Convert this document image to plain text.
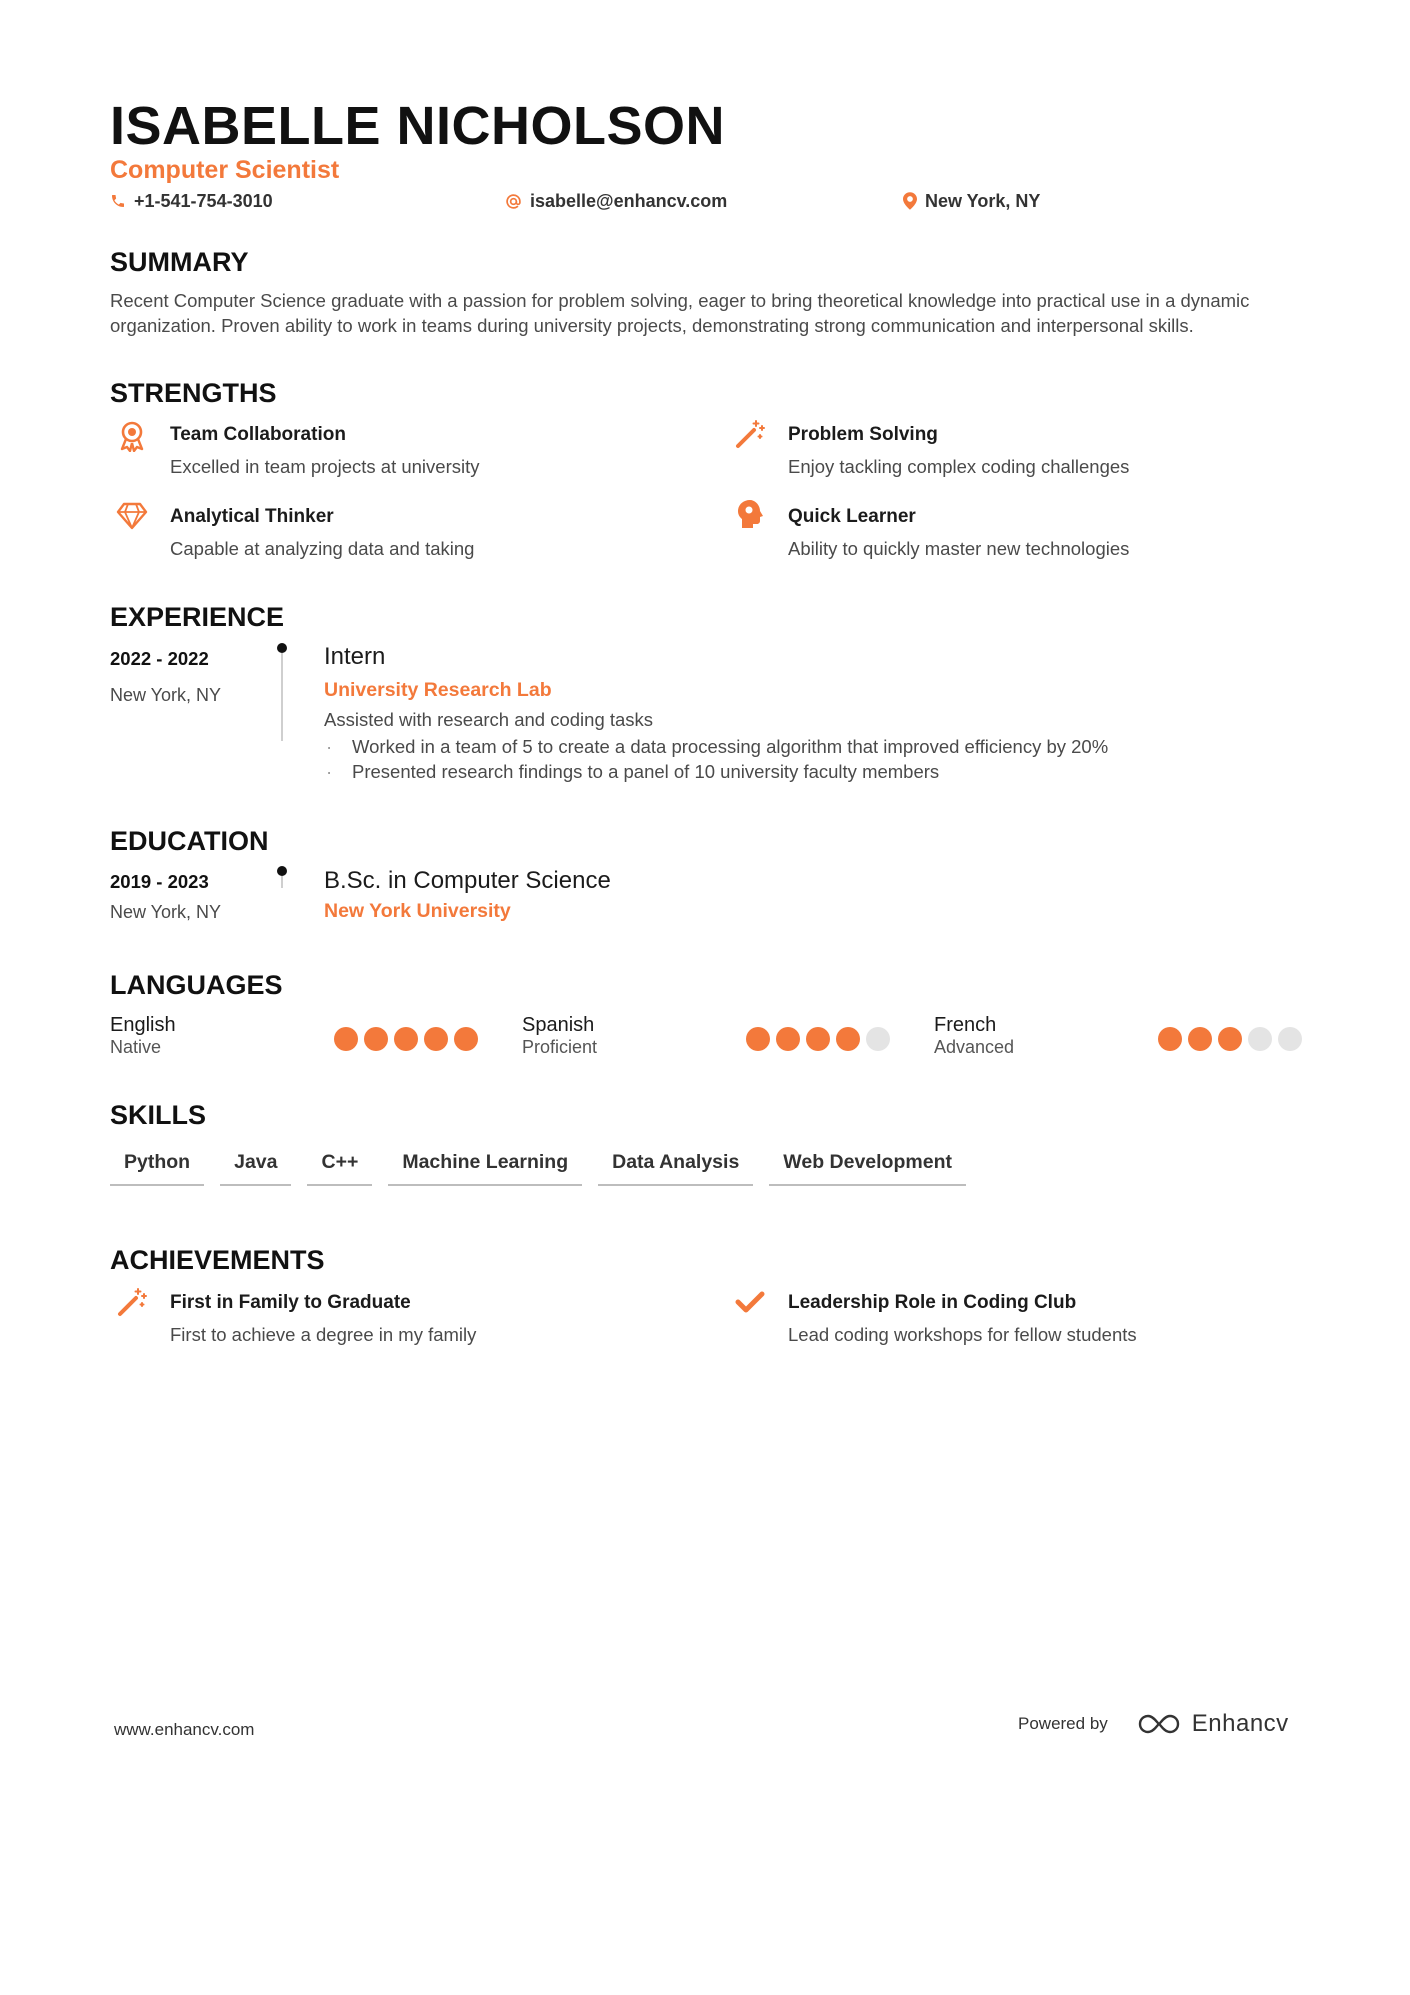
ISABELLE NICHOLSON
Computer Scientist
+1-541-754-3010	isabelle@enhancv.com	New York, NY
SUMMARY
Recent Computer Science graduate with a passion for problem solving, eager to bring theoretical knowledge into practical use in a dynamic organization. Proven ability to work in teams during university projects, demonstrating strong communication and interpersonal skills.
STRENGTHS
Team Collaboration
Excelled in team projects at university
Problem Solving
Enjoy tackling complex coding challenges
Analytical Thinker
Capable at analyzing data and taking
Quick Learner
Ability to quickly master new technologies
EXPERIENCE
2022 - 2022
New York, NY
Intern
University Research Lab
Assisted with research and coding tasks
·	Worked in a team of 5 to create a data processing algorithm that improved efficiency by 20%
·	Presented research findings to a panel of 10 university faculty members
EDUCATION
2019 - 2023
New York, NY
B.Sc. in Computer Science
New York University
LANGUAGES
English
Native
Spanish
Proficient
French
Advanced
SKILLS
Python	Java	C++	Machine Learning	Data Analysis	Web Development
ACHIEVEMENTS
First in Family to Graduate
First to achieve a degree in my family
Leadership Role in Coding Club
Lead coding workshops for fellow students
www.enhancv.com	Powered by	Enhancv
